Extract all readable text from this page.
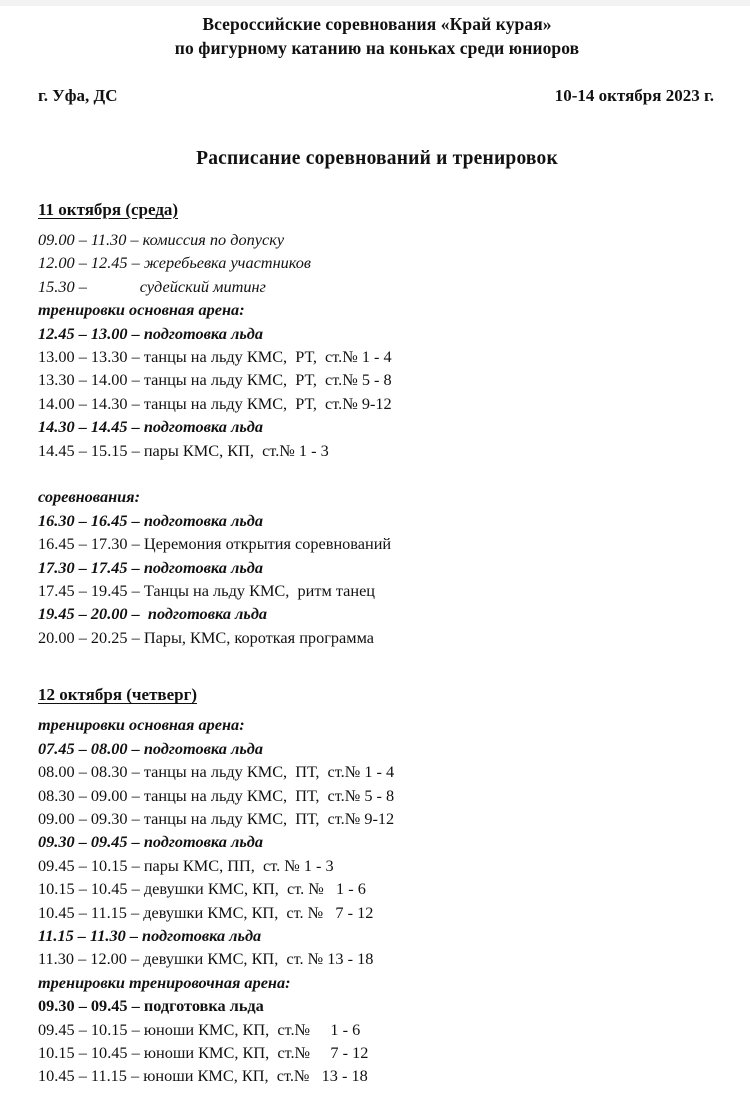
Всероссийские соревнования «Край курая»
по фигурному катанию на коньках среди юниоров
г. Уфа, ДС	10-14 октября 2023 г.
Расписание соревнований и тренировок
11 октября (среда)
09.00 – 11.30 – комиссия по допуску
12.00 – 12.45 – жеребьевка участников
15.30 –             судейский митинг
тренировки основная арена:
12.45 – 13.00 – подготовка льда
13.00 – 13.30 – танцы на льду КМС,  РТ,  ст.№ 1 - 4
13.30 – 14.00 – танцы на льду КМС,  РТ,  ст.№ 5 - 8
14.00 – 14.30 – танцы на льду КМС,  РТ,  ст.№ 9-12
14.30 – 14.45 – подготовка льда
14.45 – 15.15 – пары КМС, КП,  ст.№ 1 - 3
соревнования:
16.30 – 16.45 – подготовка льда
16.45 – 17.30 – Церемония открытия соревнований
17.30 – 17.45 – подготовка льда
17.45 – 19.45 – Танцы на льду КМС,  ритм танец
19.45 – 20.00 –  подготовка льда
20.00 – 20.25 – Пары, КМС, короткая программа
12 октября (четверг)
тренировки основная арена:
07.45 – 08.00 – подготовка льда
08.00 – 08.30 – танцы на льду КМС,  ПТ,  ст.№ 1 - 4
08.30 – 09.00 – танцы на льду КМС,  ПТ,  ст.№ 5 - 8
09.00 – 09.30 – танцы на льду КМС,  ПТ,  ст.№ 9-12
09.30 – 09.45 – подготовка льда
09.45 – 10.15 – пары КМС, ПП,  ст. № 1 - 3
10.15 – 10.45 – девушки КМС, КП,  ст. №   1 - 6
10.45 – 11.15 – девушки КМС, КП,  ст. №   7 - 12
11.15 – 11.30 – подготовка льда
11.30 – 12.00 – девушки КМС, КП,  ст. № 13 - 18
тренировки тренировочная арена:
09.30 – 09.45 – подготовка льда
09.45 – 10.15 – юноши КМС, КП,  ст.№     1 - 6
10.15 – 10.45 – юноши КМС, КП,  ст.№     7 - 12
10.45 – 11.15 – юноши КМС, КП,  ст.№   13 - 18
